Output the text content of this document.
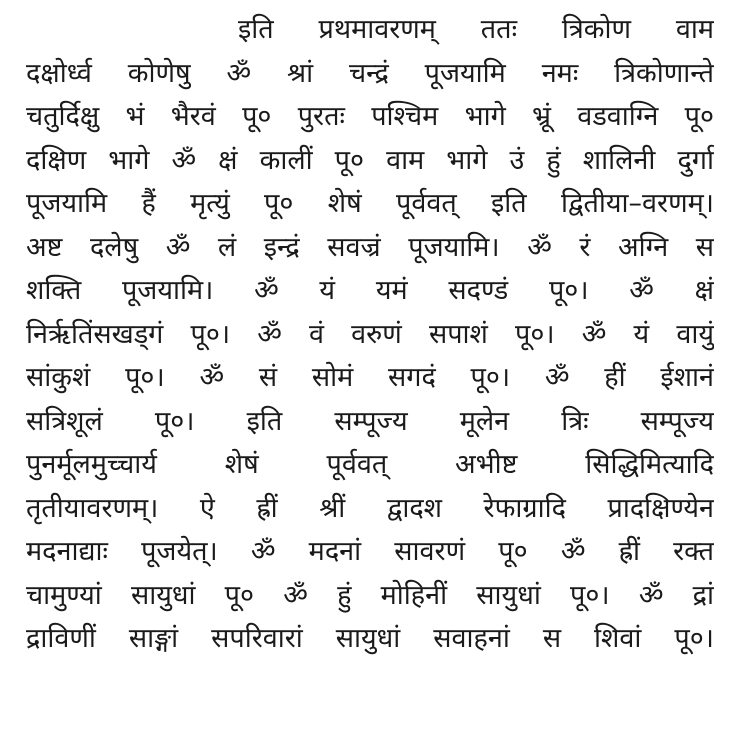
इति प्रथमावरणम् ततः त्रिकोण वाम
दक्षोर्ध्व कोणेषु ॐ श्रां चन्द्रं पूजयामि नमः त्रिकोणान्ते
चतुर्दिक्षु भं भैरवं पू० पुरतः पश्चिम भागे भ्रूं वडवाग्नि पू०
दक्षिण भागे ॐ क्षं कालीं पू० वाम भागे उं हुं शालिनी दुर्गा
पूजयामि हैं मृत्युं पू० शेषं पूर्ववत् इति द्वितीया–वरणम्।
अष्ट दलेषु ॐ लं इन्द्रं सवज्रं पूजयामि। ॐ रं अग्नि स
शक्ति पूजयामि। ॐ यं यमं सदण्डं पू०। ॐ क्षं
निर्ऋतिंसखड्गं पू०। ॐ वं वरुणं सपाशं पू०। ॐ यं वायुं
सांकुशं पू०। ॐ सं सोमं सगदं पू०। ॐ हीं ईशानं
सत्रिशूलं पू०। इति सम्पूज्य मूलेन त्रिः सम्पूज्य
पुनर्मूलमुच्चार्य शेषं पूर्ववत् अभीष्ट सिद्धिमित्यादि
तृतीयावरणम्। ऐ ह्रीं श्रीं द्वादश रेफाग्रादि प्रादक्षिण्येन
मदनाद्याः पूजयेत्। ॐ मदनां सावरणं पू० ॐ ह्रीं रक्त
चामुण्यां सायुधां पू० ॐ हुं मोहिनीं सायुधां पू०। ॐ द्रां
द्राविणीं साङ्गां सपरिवारां सायुधां सवाहनां स शिवां पू०।
